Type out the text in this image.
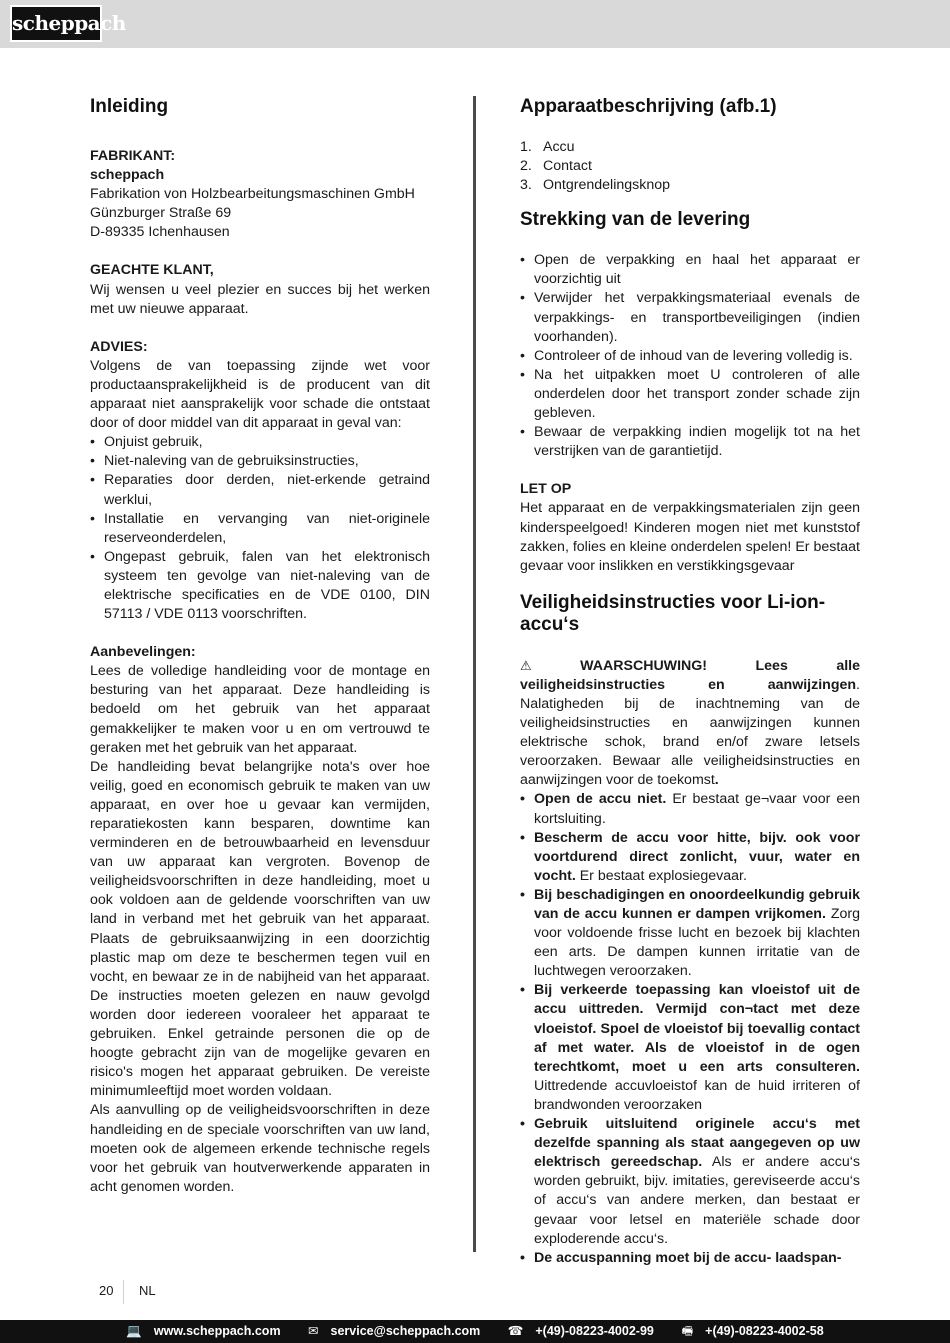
scheppach
Inleiding

FABRIKANT:

scheppach

Fabrikation von Holzbearbeitungsmaschinen GmbH

Günzburger Straße 69

D-89335 Ichenhausen

GEACHTE KLANT,

Wij wensen u veel plezier en succes bij het werken met uw nieuwe apparaat.

ADVIES:

Volgens de van toepassing zijnde wet voor productaansprakelijkheid is de producent van dit apparaat niet aansprakelijk voor schade die ontstaat door of door middel van dit apparaat in geval van:

• Onjuist gebruik,
• Niet-naleving van de gebruiksinstructies,
• Reparaties door derden, niet-erkende getraind werklui,
• Installatie en vervanging van niet-originele reserveonderdelen,
• Ongepast gebruik, falen van het elektronisch systeem ten gevolge van niet-naleving van de elektrische specificaties en de VDE 0100, DIN 57113 / VDE 0113 voorschriften.

Aanbevelingen:

Lees de volledige handleiding voor de montage en besturing van het apparaat. Deze handleiding is bedoeld om het gebruik van het apparaat gemakkelijker te maken voor u en om vertrouwd te geraken met het gebruik van het apparaat.

De handleiding bevat belangrijke nota's over hoe veilig, goed en economisch gebruik te maken van uw apparaat, en over hoe u gevaar kan vermijden, reparatiekosten kann besparen, downtime kan verminderen en de betrouwbaarheid en levensduur van uw apparaat kan vergroten. Bovenop de veiligheidsvoorschriften in deze handleiding, moet u ook voldoen aan de geldende voorschriften van uw land in verband met het gebruik van het apparaat. Plaats de gebruiksaanwijzing in een doorzichtig plastic map om deze te beschermen tegen vuil en vocht, en bewaar ze in de nabijheid van het apparaat. De instructies moeten gelezen en nauw gevolgd worden door iedereen vooraleer het apparaat te gebruiken. Enkel getrainde personen die op de hoogte gebracht zijn van de mogelijke gevaren en risico's mogen het apparaat gebruiken. De vereiste minimumleeftijd moet worden voldaan.

Als aanvulling op de veiligheidsvoorschriften in deze handleiding en de speciale voorschriften van uw land, moeten ook de algemeen erkende technische regels voor het gebruik van houtverwerkende apparaten in acht genomen worden.

Apparaatbeschrijving (afb.1)
1. Accu
2. Contact
3. Ontgrendelingsknop
Strekking van de levering
• Open de verpakking en haal het apparaat er voorzichtig uit
• Verwijder het verpakkingsmateriaal evenals de verpakkings- en transportbeveiligingen (indien voorhanden).
• Controleer of de inhoud van de levering volledig is.
• Na het uitpakken moet U controleren of alle onderdelen door het transport zonder schade zijn gebleven.
• Bewaar de verpakking indien mogelijk tot na het verstrijken van de garantietijd.

LET OP

Het apparaat en de verpakkingsmaterialen zijn geen kinderspeelgoed! Kinderen mogen niet met kunststof zakken, folies en kleine onderdelen spelen! Er bestaat gevaar voor inslikken en verstikkingsgevaar

Veiligheidsinstructies voor Li-ion-accu‘s

⚠	WAARSCHUWING! Lees alle veiligheidsinstructies en aanwijzingen. Nalatigheden bij de inachtneming van de veiligheidsinstructies en aanwijzingen kunnen elektrische schok, brand en/of zware letsels veroorzaken. Bewaar alle veiligheidsinstructies en aanwijzingen voor de toekomst.

• Open de accu niet. Er bestaat ge¬vaar voor een kortsluiting.
• Bescherm de accu voor hitte, bijv. ook voor voortdurend direct zonlicht, vuur, water en vocht. Er bestaat explosiegevaar.
• Bij beschadigingen en onoordeelkundig gebruik van de accu kunnen er dampen vrijkomen. Zorg voor voldoende frisse lucht en bezoek bij klachten een arts. De dampen kunnen irritatie van de luchtwegen veroorzaken.
• Bij verkeerde toepassing kan vloeistof uit de accu uittreden. Vermijd con¬tact met deze vloeistof. Spoel de vloeistof bij toevallig contact af met water. Als de vloeistof in de ogen terechtkomt, moet u een arts consulteren. Uittredende accuvloeistof kan de huid irriteren of brandwonden veroorzaken
• Gebruik uitsluitend originele accu‘s met dezelfde spanning als staat aangegeven op uw elektrisch gereedschap. Als er andere accu‘s worden gebruikt, bijv. imitaties, gereviseerde accu‘s of accu‘s van andere merken, dan bestaat er gevaar voor letsel en materiële schade door exploderende accu‘s.
• De accuspanning moet bij de accu- laadspan-
20 NL
💻 www.scheppach.com ✉ service@scheppach.com ☎ +(49)-08223-4002-99 🖷 +(49)-08223-4002-58
